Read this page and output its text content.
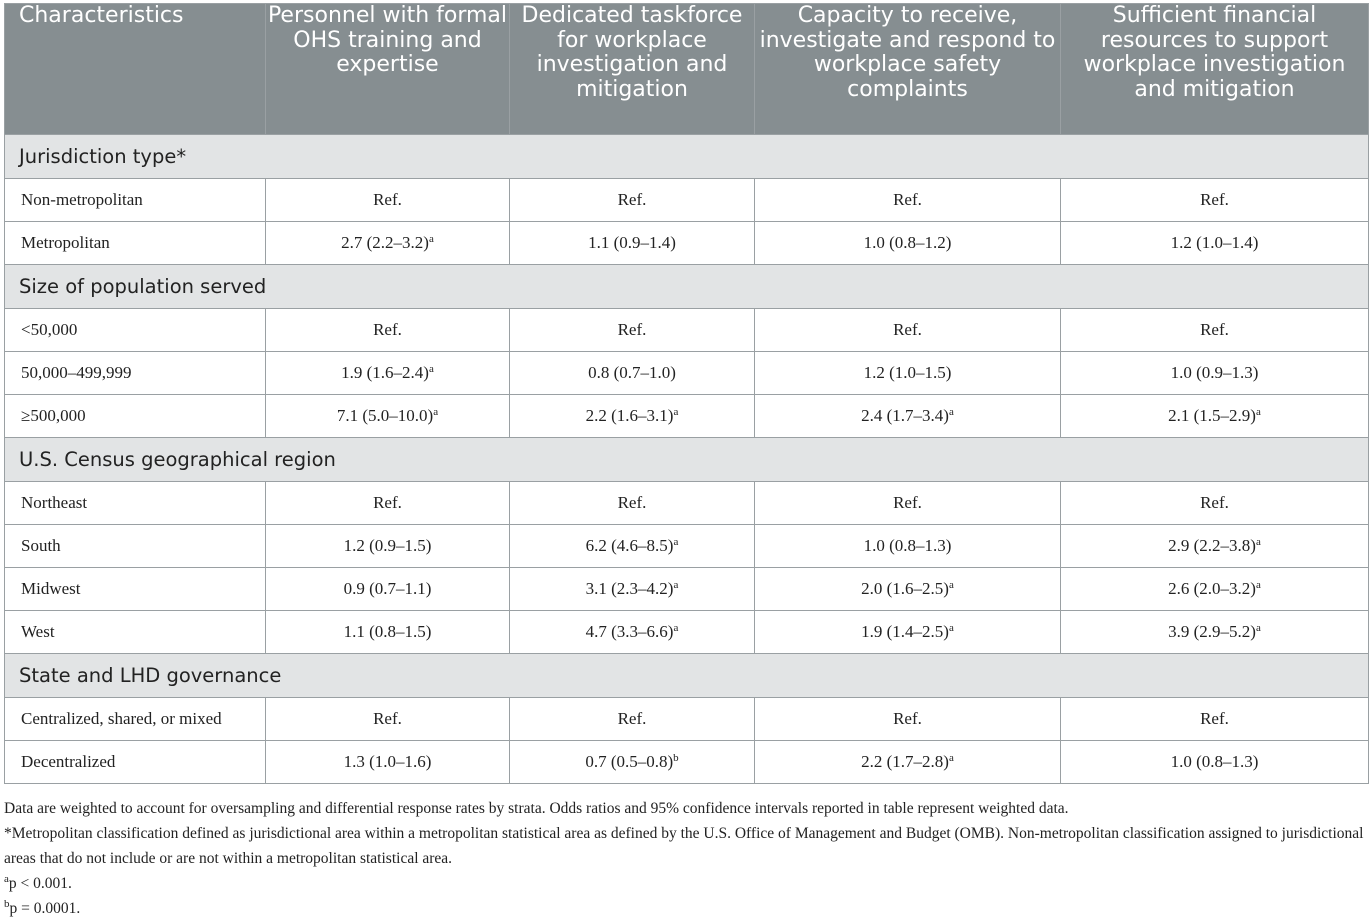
Characteristics	Personnel with formal OHS training and expertise	Dedicated taskforce for workplace investigation and mitigation	Capacity to receive, investigate and respond to workplace safety complaints	Sufficient financial resources to support workplace investigation and mitigation
Jurisdiction type*				
Non-metropolitan	Ref.	Ref.	Ref.	Ref.
Metropolitan	2.7 $(2.2-3.2)^a$	1.1 (0.9–1.4)	1.0 (0.8–1.2)	1.2 (1.0–1.4)
Size of population served				
<50,000	Ref.	Ref.	Ref.	Ref.
50,000–499,999	1.9 $(1.6-2.4)^a$	0.8 (0.7–1.0)	1.2 (1.0–1.5)	1.0 (0.9–1.3)
≥500,000	7.1 $(5.0-10.0)^a$	2.2 $(1.6-3.1)^a$	2.4 $(1.7-3.4)^a$	2.1 $(1.5-2.9)^a$
U.S. Census geographical region				
Northeast	Ref.	Ref.	Ref.	Ref.
South	1.2 (0.9–1.5)	6.2 $(4.6-8.5)^a$	1.0 (0.8–1.3)	2.9 $(2.2-3.8)^a$
Midwest	0.9 (0.7–1.1)	3.1 $(2.3-4.2)^a$	2.0 $(1.6-2.5)^a$	2.6 $(2.0-3.2)^a$
West	1.1 (0.8–1.5)	4.7 $(3.3-6.6)^a$	1.9 $(1.4-2.5)^a$	3.9 $(2.9-5.2)^a$
State and LHD governance				
Centralized, shared, or mixed	Ref.	Ref.	Ref.	Ref.
Decentralized	1.3 (1.0–1.6)	0.7 $(0.5-0.8)^b$	2.2 $(1.7-2.8)^a$	1.0 (0.8–1.3)

Data are weighted to account for oversampling and differential response rates by strata. Odds ratios and 95% confidence intervals reported in table represent weighted data.

*Metropolitan classification defined as jurisdictional area within a metropolitan statistical area as defined by the U.S. Office of Management and Budget (OMB). Non-metropolitan classification assigned to jurisdictional areas that do not include or are not within a metropolitan statistical area.

$^a$p < 0.001.

$^b$p = 0.0001.
